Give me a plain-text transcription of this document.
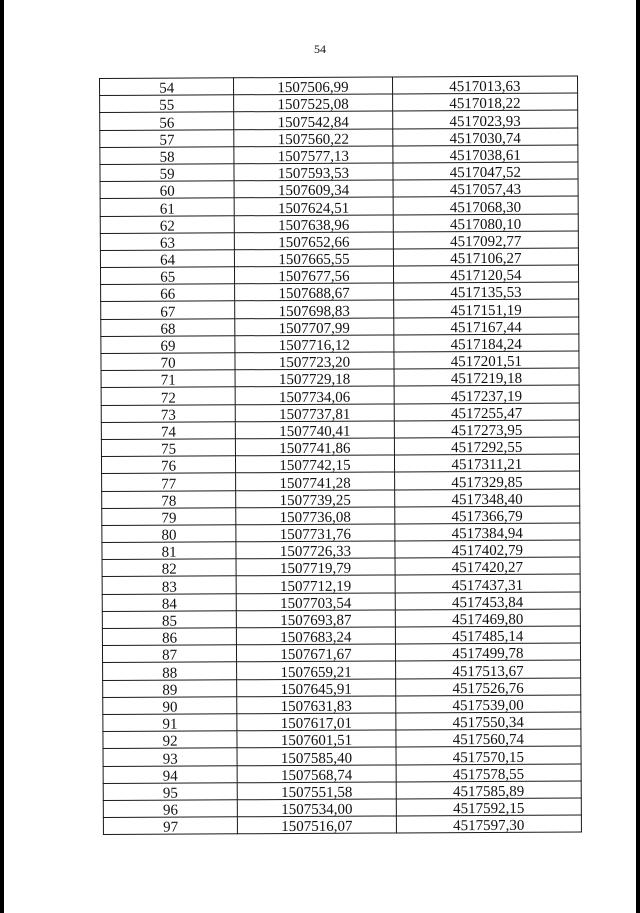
54
54	1507506,99	4517013,63
55	1507525,08	4517018,22
56	1507542,84	4517023,93
57	1507560,22	4517030,74
58	1507577,13	4517038,61
59	1507593,53	4517047,52
60	1507609,34	4517057,43
61	1507624,51	4517068,30
62	1507638,96	4517080,10
63	1507652,66	4517092,77
64	1507665,55	4517106,27
65	1507677,56	4517120,54
66	1507688,67	4517135,53
67	1507698,83	4517151,19
68	1507707,99	4517167,44
69	1507716,12	4517184,24
70	1507723,20	4517201,51
71	1507729,18	4517219,18
72	1507734,06	4517237,19
73	1507737,81	4517255,47
74	1507740,41	4517273,95
75	1507741,86	4517292,55
76	1507742,15	4517311,21
77	1507741,28	4517329,85
78	1507739,25	4517348,40
79	1507736,08	4517366,79
80	1507731,76	4517384,94
81	1507726,33	4517402,79
82	1507719,79	4517420,27
83	1507712,19	4517437,31
84	1507703,54	4517453,84
85	1507693,87	4517469,80
86	1507683,24	4517485,14
87	1507671,67	4517499,78
88	1507659,21	4517513,67
89	1507645,91	4517526,76
90	1507631,83	4517539,00
91	1507617,01	4517550,34
92	1507601,51	4517560,74
93	1507585,40	4517570,15
94	1507568,74	4517578,55
95	1507551,58	4517585,89
96	1507534,00	4517592,15
97	1507516,07	4517597,30
